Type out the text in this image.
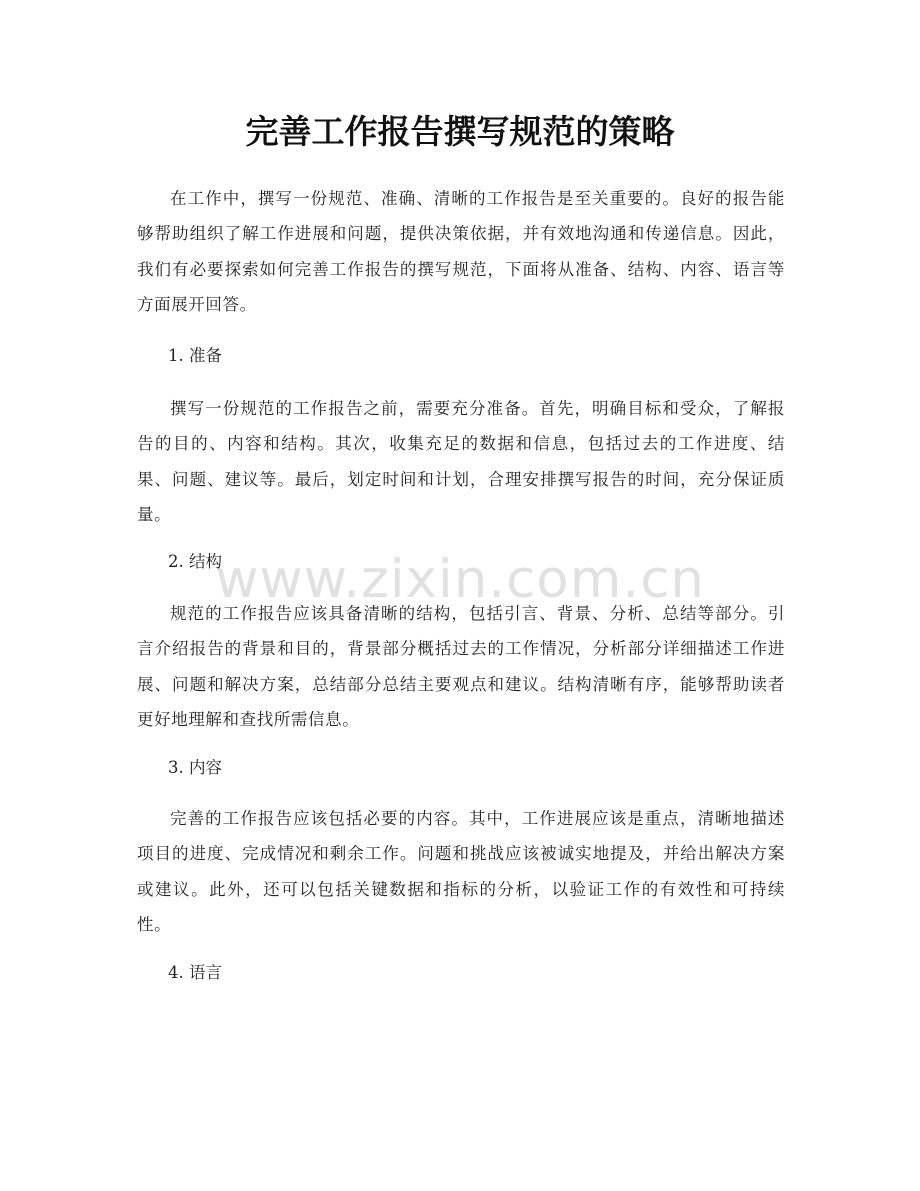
完善工作报告撰写规范的策略

在工作中，撰写一份规范、准确、清晰的工作报告是至关重要的。良好的报告能够帮助组织了解工作进展和问题，提供决策依据，并有效地沟通和传递信息。因此，我们有必要探索如何完善工作报告的撰写规范，下面将从准备、结构、内容、语言等方面展开回答。

1. 准备

撰写一份规范的工作报告之前，需要充分准备。首先，明确目标和受众，了解报告的目的、内容和结构。其次，收集充足的数据和信息，包括过去的工作进度、结果、问题、建议等。最后，划定时间和计划，合理安排撰写报告的时间，充分保证质量。

2. 结构

规范的工作报告应该具备清晰的结构，包括引言、背景、分析、总结等部分。引言介绍报告的背景和目的，背景部分概括过去的工作情况，分析部分详细描述工作进展、问题和解决方案，总结部分总结主要观点和建议。结构清晰有序，能够帮助读者更好地理解和查找所需信息。

3. 内容

完善的工作报告应该包括必要的内容。其中，工作进展应该是重点，清晰地描述项目的进度、完成情况和剩余工作。问题和挑战应该被诚实地提及，并给出解决方案或建议。此外，还可以包括关键数据和指标的分析，以验证工作的有效性和可持续性。

4. 语言

www.zixin.com.cn
